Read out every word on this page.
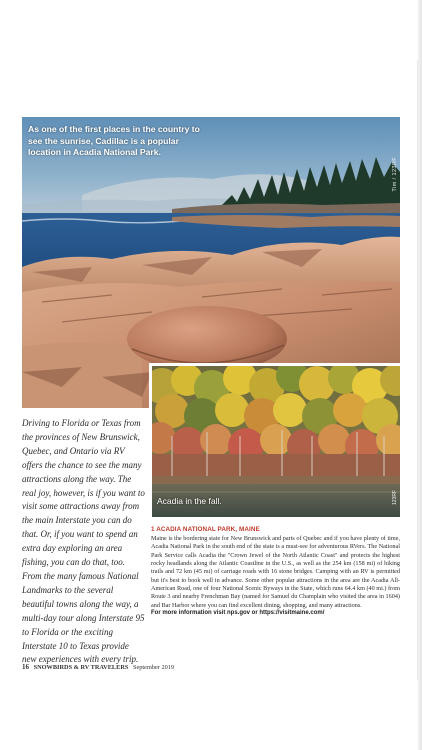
As one of the first places in the country to see the sunrise, Cadillac is a popular location in Acadia National Park.
Tim / 123RF
Acadia in the fall.	123RF

Driving to Florida or Texas from the provinces of New Brunswick, Quebec, and Ontario via RV offers the chance to see the many attractions along the way. The real joy, however, is if you want to visit some attractions away from the main Interstate you can do that. Or, if you want to spend an extra day exploring an area fishing, you can do that, too. From the many famous National Landmarks to the several beautiful towns along the way, a multi-day tour along Interstate 95 to Florida or the exciting Interstate 10 to Texas provide new experiences with every trip.

1 ACADIA NATIONAL PARK, MAINE

Maine is the bordering state for New Brunswick and parts of Quebec and if you have plenty of time, Acadia National Park in the south end of the state is a must-see for adventurous RVers. The National Park Service calls Acadia the "Crown Jewel of the North Atlantic Coast" and protects the highest rocky headlands along the Atlantic Coastline in the U.S., as well as the 254 km (158 mi) of hiking trails and 72 km (45 mi) of carriage roads with 16 stone bridges. Camping with an RV is permitted but it's best to book well in advance. Some other popular attractions in the area are the Acadia All-American Road, one of four National Scenic Byways in the State, which runs 64.4 km (40 mi.) from Route 3 and nearby Frenchman Bay (named for Samuel du Champlain who visited the area in 1604) and Bar Harbor where you can find excellent dining, shopping, and many attractions.

For more information visit nps.gov or https://visitmaine.com/

16 SNOWBIRDS & RV TRAVELERS September 2019
